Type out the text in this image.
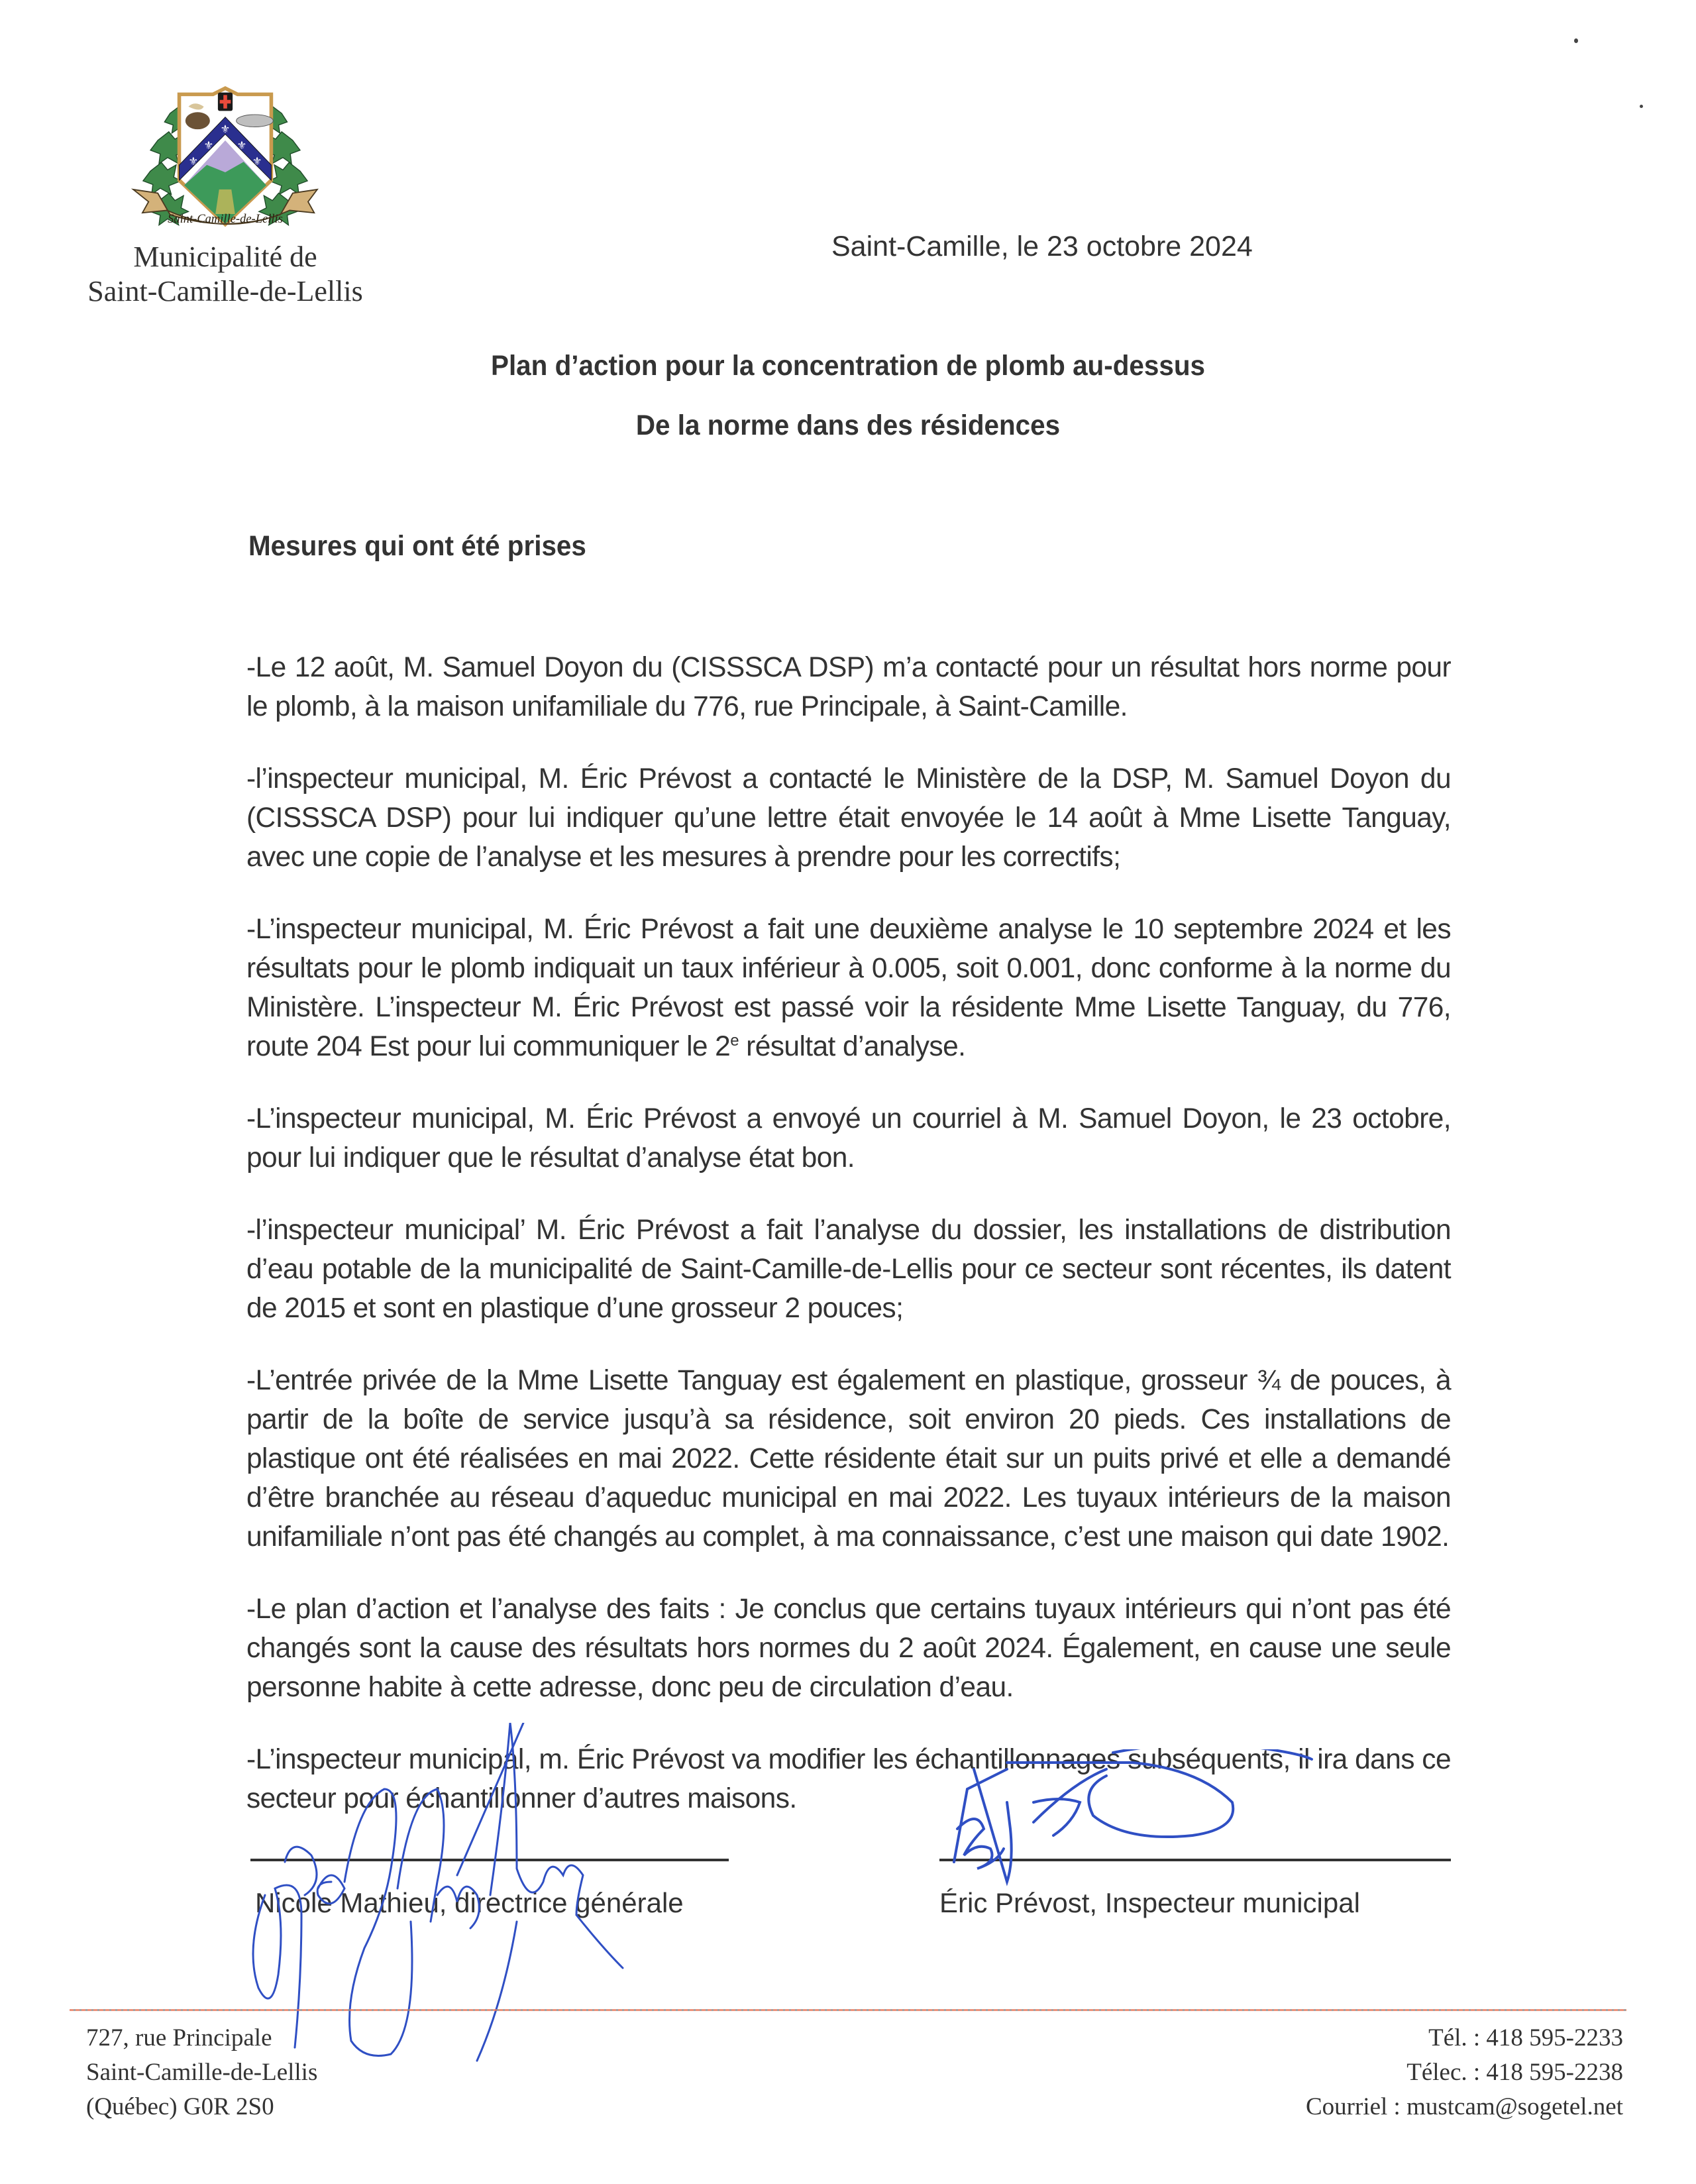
⚜
⚜
⚜
⚜
⚜
Saint-Camille-de-Lellis
Municipalité de
Saint-Camille-de-Lellis
Saint-Camille, le 23 octobre 2024
Plan d’action pour la concentration de plomb au-dessus
De la norme dans des résidences
Mesures qui ont été prises

-Le 12 août, M. Samuel Doyon du (CISSSCA DSP) m’a contacté pour un résultat hors norme pour le plomb, à la maison unifamiliale du 776, rue Principale, à Saint-Camille.

-l’inspecteur municipal, M. Éric Prévost a contacté le Ministère de la DSP, M. Samuel Doyon du (CISSSCA DSP) pour lui indiquer qu’une lettre était envoyée le 14 août à Mme Lisette Tanguay, avec une copie de l’analyse et les mesures à prendre pour les correctifs;

-L’inspecteur municipal, M. Éric Prévost a fait une deuxième analyse le 10 septembre 2024 et les résultats pour le plomb indiquait un taux inférieur à 0.005, soit 0.001, donc conforme à la norme du Ministère. L’inspecteur M. Éric Prévost est passé voir la résidente Mme Lisette Tanguay, du 776, route 204 Est pour lui communiquer le 2e résultat d’analyse.

-L’inspecteur municipal, M. Éric Prévost a envoyé un courriel à M. Samuel Doyon, le 23 octobre, pour lui indiquer que le résultat d’analyse état bon.

-l’inspecteur municipal’ M. Éric Prévost a fait l’analyse du dossier, les installations de distribution d’eau potable de la municipalité de Saint-Camille-de-Lellis pour ce secteur sont récentes, ils datent de 2015 et sont en plastique d’une grosseur 2 pouces;

-L’entrée privée de la Mme Lisette Tanguay est également en plastique, grosseur ¾ de pouces, à partir de la boîte de service jusqu’à sa résidence, soit environ 20 pieds. Ces installations de plastique ont été réalisées en mai 2022. Cette résidente était sur un puits privé et elle a demandé d’être branchée au réseau d’aqueduc municipal en mai 2022. Les tuyaux intérieurs de la maison unifamiliale n’ont pas été changés au complet, à ma connaissance, c’est une maison qui date 1902.

-Le plan d’action et l’analyse des faits : Je conclus que certains tuyaux intérieurs qui n’ont pas été changés sont la cause des résultats hors normes du 2 août 2024. Également, en cause une seule personne habite à cette adresse, donc peu de circulation d’eau.

-L’inspecteur municipal, m. Éric Prévost va modifier les échantillonnages subséquents, il ira dans ce secteur pour échantillonner d’autres maisons.

Nicole Mathieu, directrice générale	Éric Prévost, Inspecteur municipal
727, rue Principale
Saint-Camille-de-Lellis
(Québec) G0R 2S0
Tél. : 418 595-2233
Télec. : 418 595-2238
Courriel : mustcam@sogetel.net
